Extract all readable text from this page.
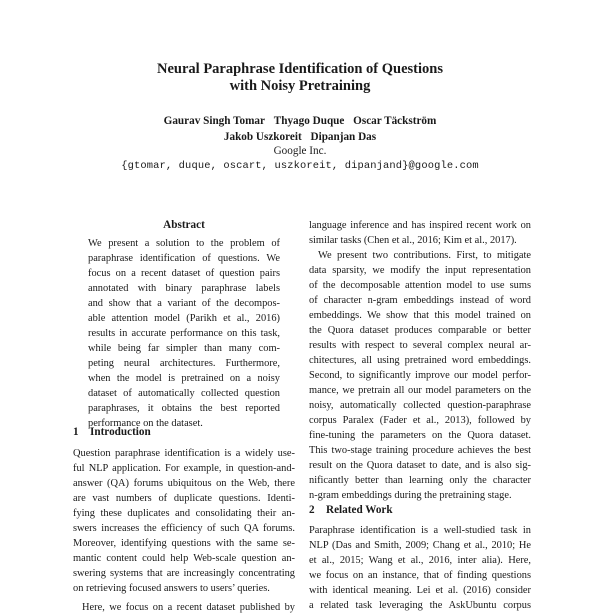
Neural Paraphrase Identification of Questions
with Noisy Pretraining
Gaurav Singh Tomar Thyago Duque Oscar Täckström
Jakob Uszkoreit Dipanjan Das
Google Inc.
{gtomar, duque, oscart, uszkoreit, dipanjand}@google.com
Abstract
We present a solution to the problem of
paraphrase identification of questions. We
focus on a recent dataset of question pairs
annotated with binary paraphrase labels
and show that a variant of the decompos-
able attention model (Parikh et al., 2016)
results in accurate performance on this task,
while being far simpler than many com-
peting neural architectures. Furthermore,
when the model is pretrained on a noisy
dataset of automatically collected question
paraphrases, it obtains the best reported
performance on the dataset.
1 Introduction
Question paraphrase identification is a widely use-
ful NLP application. For example, in question-and-
answer (QA) forums ubiquitous on the Web, there
are vast numbers of duplicate questions. Identi-
fying these duplicates and consolidating their an-
swers increases the efficiency of such QA forums.
Moreover, identifying questions with the same se-
mantic content could help Web-scale question an-
swering systems that are increasingly concentrating
on retrieving focused answers to users’ queries.
Here, we focus on a recent dataset published by
language inference and has inspired recent work on
similar tasks (Chen et al., 2016; Kim et al., 2017).
We present two contributions. First, to mitigate
data sparsity, we modify the input representation
of the decomposable attention model to use sums
of character n-gram embeddings instead of word
embeddings. We show that this model trained on
the Quora dataset produces comparable or better
results with respect to several complex neural ar-
chitectures, all using pretrained word embeddings.
Second, to significantly improve our model perfor-
mance, we pretrain all our model parameters on the
noisy, automatically collected question-paraphrase
corpus Paralex (Fader et al., 2013), followed by
fine-tuning the parameters on the Quora dataset.
This two-stage training procedure achieves the best
result on the Quora dataset to date, and is also sig-
nificantly better than learning only the character
n-gram embeddings during the pretraining stage.
2 Related Work
Paraphrase identification is a well-studied task in
NLP (Das and Smith, 2009; Chang et al., 2010; He
et al., 2015; Wang et al., 2016, inter alia). Here,
we focus on an instance, that of finding questions
with identical meaning. Lei et al. (2016) consider
a related task leveraging the AskUbuntu corpus
